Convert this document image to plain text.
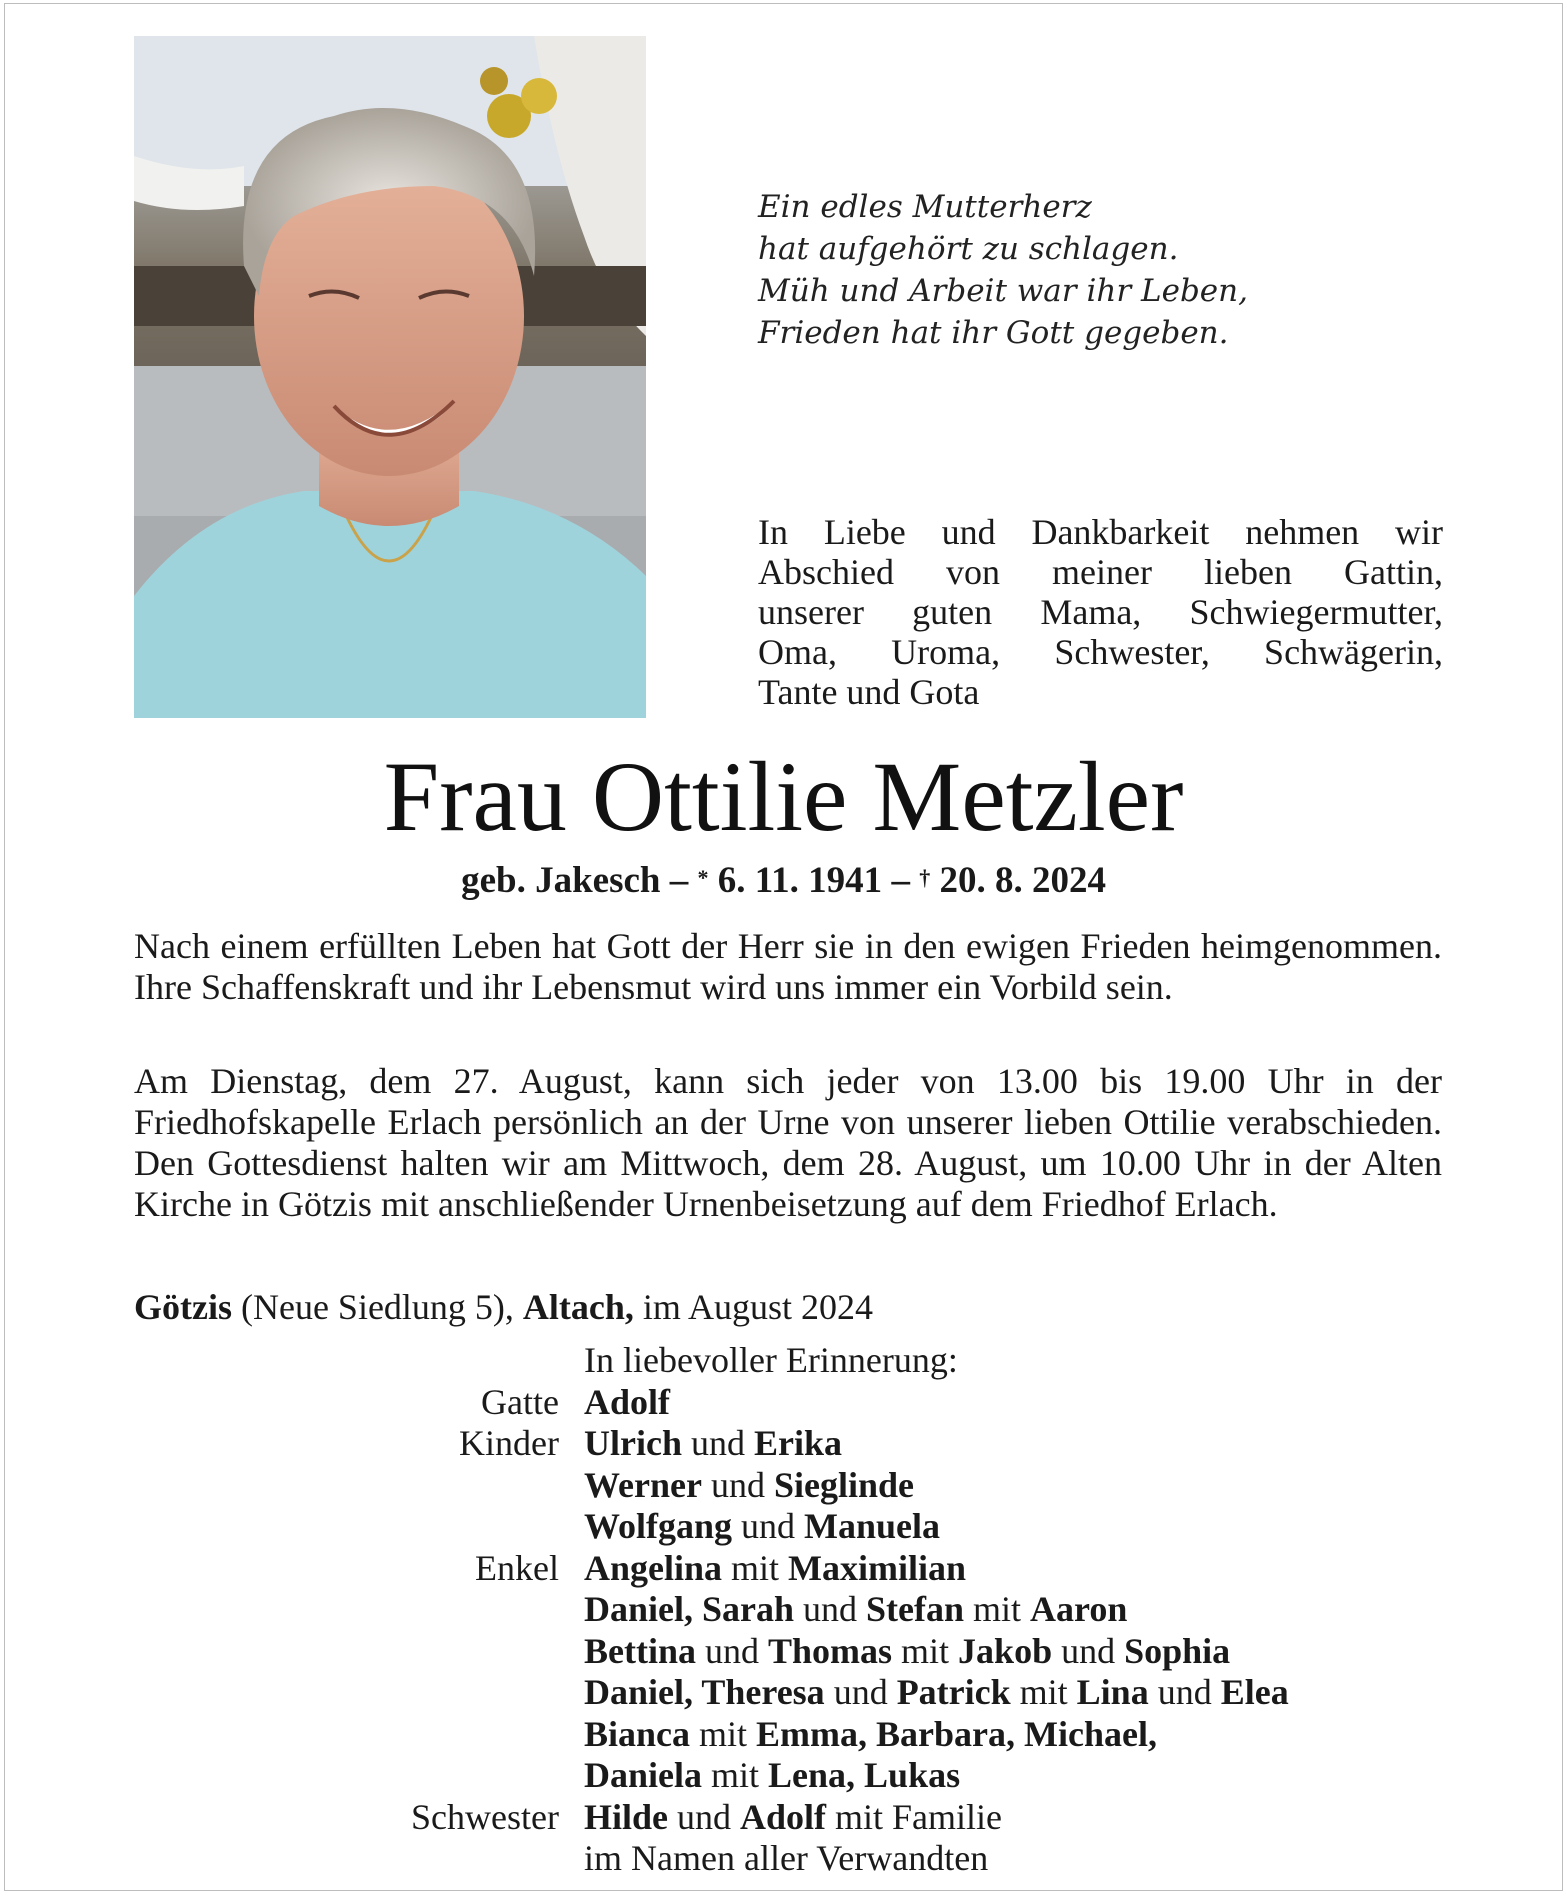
Ein edles Mutterherz
hat aufgehört zu schlagen.
Müh und Arbeit war ihr Leben,
Frieden hat ihr Gott gegeben.
In Liebe und Dankbarkeit nehmen wir
Abschied von meiner lieben Gattin,
unserer guten Mama, Schwiegermutter,
Oma, Uroma, Schwester, Schwägerin,
Tante und Gota
Frau Ottilie Metzler
geb. Jakesch – * 6. 11. 1941 – † 20. 8. 2024
Nach einem erfüllten Leben hat Gott der Herr sie in den ewigen Frieden heimgenommen. Ihre Schaffenskraft und ihr Lebensmut wird uns immer ein Vorbild sein.
Am Dienstag, dem 27. August, kann sich jeder von 13.00 bis 19.00 Uhr in der Friedhofskapelle Erlach persönlich an der Urne von unserer lieben Ottilie verabschieden. Den Gottesdienst halten wir am Mittwoch, dem 28. August, um 10.00 Uhr in der Alten Kirche in Götzis mit anschließender Urnenbeisetzung auf dem Friedhof Erlach.
Götzis (Neue Siedlung 5), Altach, im August 2024
In liebevoller Erinnerung:
Gatte Adolf
Kinder Ulrich und Erika
Werner und Sieglinde
Wolfgang und Manuela
Enkel Angelina mit Maximilian
Daniel, Sarah und Stefan mit Aaron
Bettina und Thomas mit Jakob und Sophia
Daniel, Theresa und Patrick mit Lina und Elea
Bianca mit Emma, Barbara, Michael,
Daniela mit Lena, Lukas
Schwester Hilde und Adolf mit Familie
im Namen aller Verwandten
